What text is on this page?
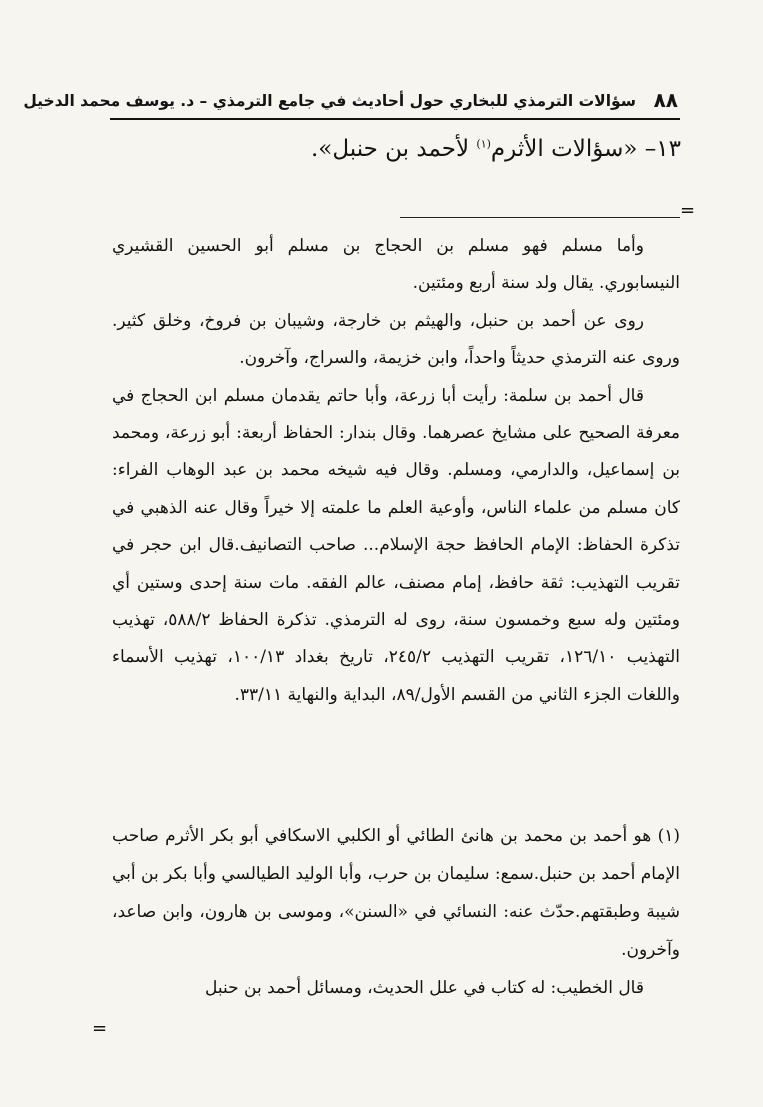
٨٨
سؤالات الترمذي للبخاري حول أحاديث في جامع الترمذي – د. يوسف محمد الدخيل
١٣– «سؤالات الأثرم$^{(١)}$ لأحمد بن حنبل».
=

وأما مسلم فهو مسلم بن الحجاج بن مسلم أبو الحسين القشيري النيسابوري. يقال ولد سنة أربع ومئتين.

روى عن أحمد بن حنبل، والهيثم بن خارجة، وشيبان بن فروخ، وخلق كثير. وروى عنه الترمذي حديثاً واحداً، وابن خزيمة، والسراج، وآخرون.

قال أحمد بن سلمة: رأيت أبا زرعة، وأبا حاتم يقدمان مسلم ابن الحجاج في معرفة الصحيح على مشايخ عصرهما. وقال بندار: الحفاظ أربعة: أبو زرعة، ومحمد بن إسماعيل، والدارمي، ومسلم. وقال فيه شيخه محمد بن عبد الوهاب الفراء: كان مسلم من علماء الناس، وأوعية العلم ما علمته إلا خيراً وقال عنه الذهبي في تذكرة الحفاظ: الإمام الحافظ حجة الإسلام... صاحب التصانيف.قال ابن حجر في تقريب التهذيب: ثقة حافظ، إمام مصنف، عالم الفقه. مات سنة إحدى وستين أي ومئتين وله سبع وخمسون سنة، روى له الترمذي. تذكرة الحفاظ ٥٨٨/٢، تهذيب التهذيب ١٢٦/١٠، تقريب التهذيب ٢٤٥/٢، تاريخ بغداد ١٠٠/١٣، تهذيب الأسماء واللغات الجزء الثاني من القسم الأول/٨٩، البداية والنهاية ٣٣/١١.

(١) هو أحمد بن محمد بن هانئ الطائي أو الكلبي الاسكافي أبو بكر الأثرم صاحب الإمام أحمد بن حنبل.سمع: سليمان بن حرب، وأبا الوليد الطيالسي وأبا بكر بن أبي شيبة وطبقتهم.حدّث عنه: النسائي في «السنن»، وموسى بن هارون، وابن صاعد، وآخرون.

قال الخطيب: له كتاب في علل الحديث، ومسائل أحمد بن حنبل

=
